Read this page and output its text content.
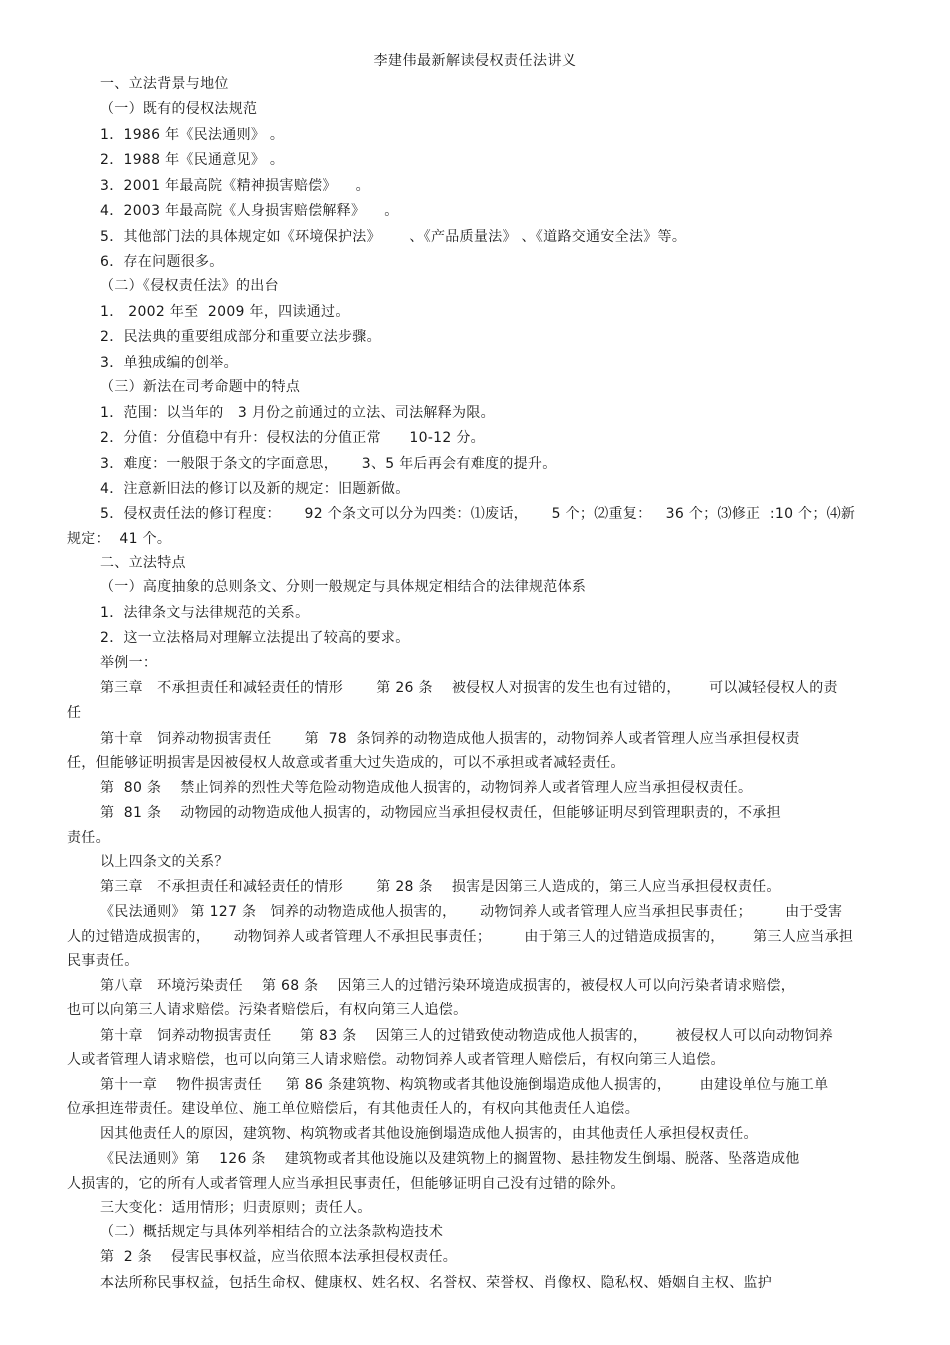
李建伟最新解读侵权责任法讲义
一、立法背景与地位
（一）既有的侵权法规范
1．1986 年《民法通则》 。
2．1988 年《民通意见》 。
3．2001 年最高院《精神损害赔偿》    。
4．2003 年最高院《人身损害赔偿解释》    。
5．其他部门法的具体规定如《环境保护法》      、《产品质量法》 、《道路交通安全法》等。
6．存在问题很多。
（二）《侵权责任法》的出台
1． 2002 年至  2009 年，四读通过。
2．民法典的重要组成部分和重要立法步骤。
3．单独成编的创举。
（三）新法在司考命题中的特点
1．范围：以当年的   3 月份之前通过的立法、司法解释为限。
2．分值：分值稳中有升：侵权法的分值正常      10-12 分。
3．难度：一般限于条文的字面意思，     3、5 年后再会有难度的提升。
4．注意新旧法的修订以及新的规定：旧题新做。
5．侵权责任法的修订程度：     92 个条文可以分为四类：⑴废话，     5 个；⑵重复：   36 个；⑶修正  :10 个；⑷新
规定：  41 个。
二、立法特点
（一）高度抽象的总则条文、分则一般规定与具体规定相结合的法律规范体系
1．法律条文与法律规范的关系。
2．这一立法格局对理解立法提出了较高的要求。
举例一：
第三章   不承担责任和减轻责任的情形       第 26 条    被侵权人对损害的发生也有过错的，      可以减轻侵权人的责
任
第十章   饲养动物损害责任       第  78  条饲养的动物造成他人损害的，动物饲养人或者管理人应当承担侵权责
任，但能够证明损害是因被侵权人故意或者重大过失造成的，可以不承担或者减轻责任。
第  80 条    禁止饲养的烈性犬等危险动物造成他人损害的，动物饲养人或者管理人应当承担侵权责任。
第  81 条    动物园的动物造成他人损害的，动物园应当承担侵权责任，但能够证明尽到管理职责的，不承担
责任。
以上四条文的关系？
第三章   不承担责任和减轻责任的情形       第 28 条    损害是因第三人造成的，第三人应当承担侵权责任。
《民法通则》 第 127 条   饲养的动物造成他人损害的，     动物饲养人或者管理人应当承担民事责任；       由于受害
人的过错造成损害的，     动物饲养人或者管理人不承担民事责任；       由于第三人的过错造成损害的，      第三人应当承担
民事责任。
第八章   环境污染责任    第 68 条    因第三人的过错污染环境造成损害的，被侵权人可以向污染者请求赔偿，
也可以向第三人请求赔偿。污染者赔偿后，有权向第三人追偿。
第十章   饲养动物损害责任      第 83 条    因第三人的过错致使动物造成他人损害的，      被侵权人可以向动物饲养
人或者管理人请求赔偿，也可以向第三人请求赔偿。动物饲养人或者管理人赔偿后，有权向第三人追偿。
第十一章    物件损害责任     第 86 条建筑物、构筑物或者其他设施倒塌造成他人损害的，      由建设单位与施工单
位承担连带责任。建设单位、施工单位赔偿后，有其他责任人的，有权向其他责任人追偿。
因其他责任人的原因，建筑物、构筑物或者其他设施倒塌造成他人损害的，由其他责任人承担侵权责任。
《民法通则》第    126 条    建筑物或者其他设施以及建筑物上的搁置物、悬挂物发生倒塌、脱落、坠落造成他
人损害的，它的所有人或者管理人应当承担民事责任，但能够证明自己没有过错的除外。
三大变化：适用情形；归责原则；责任人。
（二）概括规定与具体列举相结合的立法条款构造技术
第  2 条    侵害民事权益，应当依照本法承担侵权责任。
本法所称民事权益，包括生命权、健康权、姓名权、名誉权、荣誉权、肖像权、隐私权、婚姻自主权、监护
